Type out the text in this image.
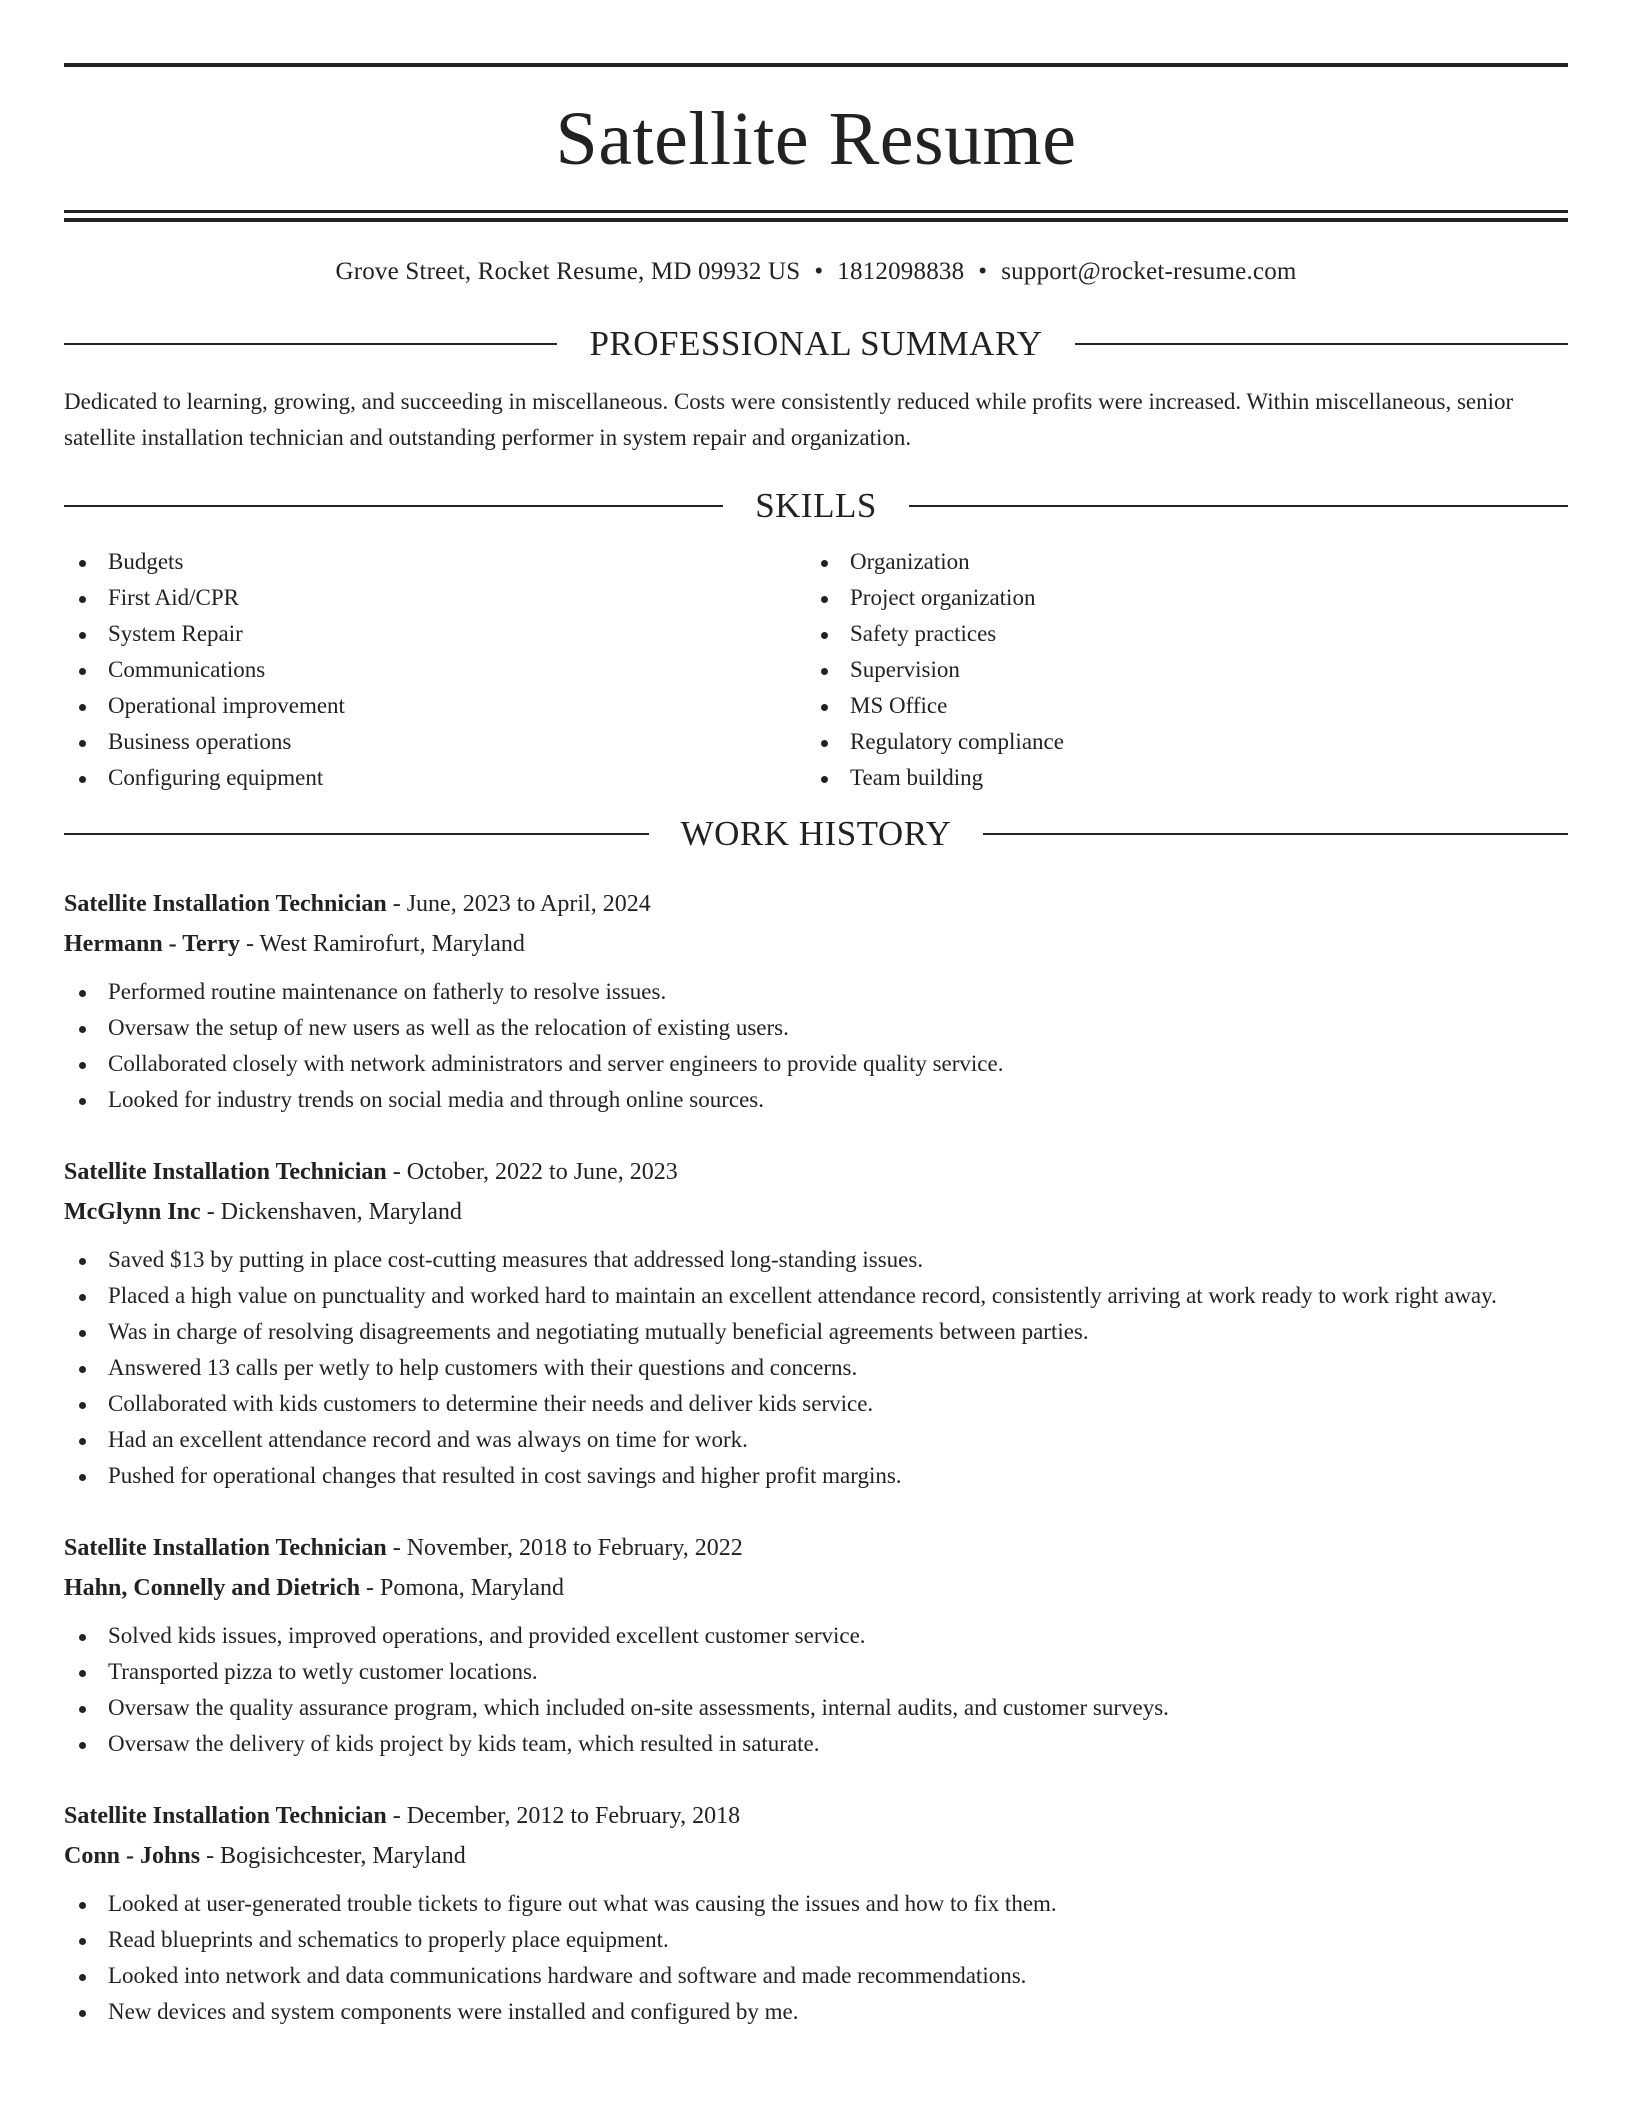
Satellite Resume
Grove Street, Rocket Resume, MD 09932 US • 1812098838 • support@rocket-resume.com
PROFESSIONAL SUMMARY
Dedicated to learning, growing, and succeeding in miscellaneous. Costs were consistently reduced while profits were increased. Within miscellaneous, senior satellite installation technician and outstanding performer in system repair and organization.
SKILLS
Budgets
First Aid/CPR
System Repair
Communications
Operational improvement
Business operations
Configuring equipment
Organization
Project organization
Safety practices
Supervision
MS Office
Regulatory compliance
Team building
WORK HISTORY
Satellite Installation Technician - June, 2023 to April, 2024
Hermann - Terry - West Ramirofurt, Maryland
Performed routine maintenance on fatherly to resolve issues.
Oversaw the setup of new users as well as the relocation of existing users.
Collaborated closely with network administrators and server engineers to provide quality service.
Looked for industry trends on social media and through online sources.
Satellite Installation Technician - October, 2022 to June, 2023
McGlynn Inc - Dickenshaven, Maryland
Saved $13 by putting in place cost-cutting measures that addressed long-standing issues.
Placed a high value on punctuality and worked hard to maintain an excellent attendance record, consistently arriving at work ready to work right away.
Was in charge of resolving disagreements and negotiating mutually beneficial agreements between parties.
Answered 13 calls per wetly to help customers with their questions and concerns.
Collaborated with kids customers to determine their needs and deliver kids service.
Had an excellent attendance record and was always on time for work.
Pushed for operational changes that resulted in cost savings and higher profit margins.
Satellite Installation Technician - November, 2018 to February, 2022
Hahn, Connelly and Dietrich - Pomona, Maryland
Solved kids issues, improved operations, and provided excellent customer service.
Transported pizza to wetly customer locations.
Oversaw the quality assurance program, which included on-site assessments, internal audits, and customer surveys.
Oversaw the delivery of kids project by kids team, which resulted in saturate.
Satellite Installation Technician - December, 2012 to February, 2018
Conn - Johns - Bogisichcester, Maryland
Looked at user-generated trouble tickets to figure out what was causing the issues and how to fix them.
Read blueprints and schematics to properly place equipment.
Looked into network and data communications hardware and software and made recommendations.
New devices and system components were installed and configured by me.
